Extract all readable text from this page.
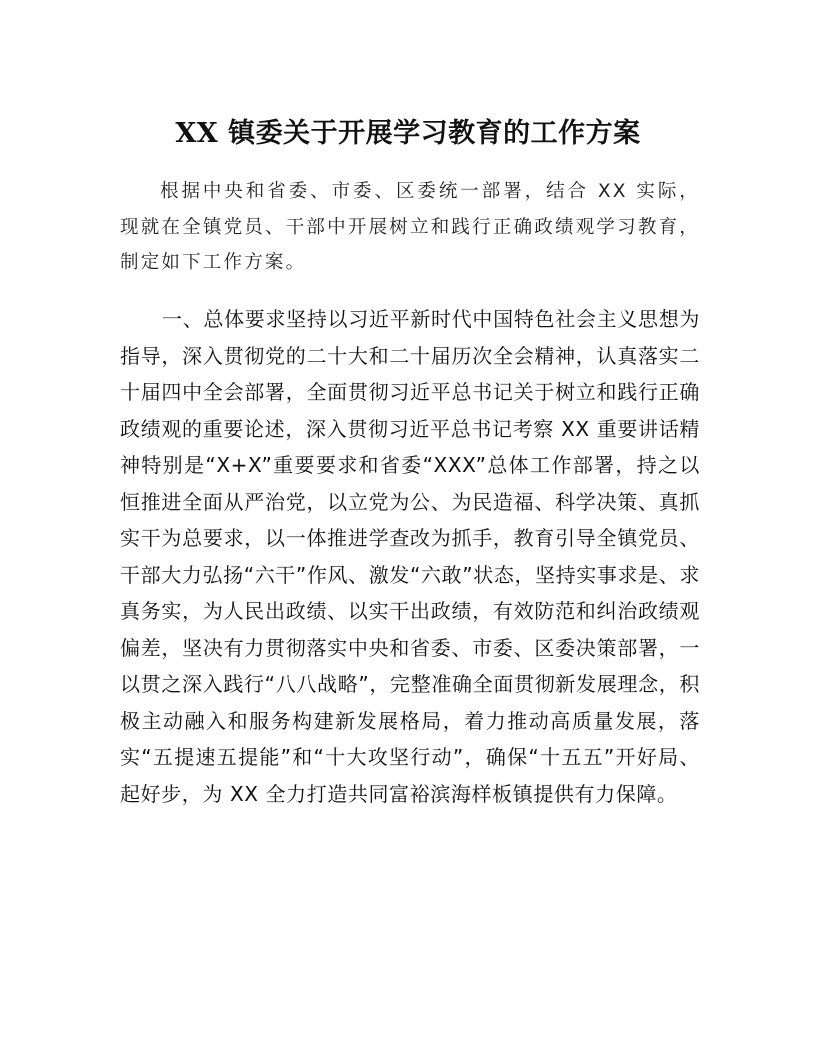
XX 镇委关于开展学习教育的工作方案

根据中央和省委、市委、区委统一部署，结合 XX 实际，现就在全镇党员、干部中开展树立和践行正确政绩观学习教育，制定如下工作方案。

一、总体要求坚持以习近平新时代中国特色社会主义思想为指导，深入贯彻党的二十大和二十届历次全会精神，认真落实二十届四中全会部署，全面贯彻习近平总书记关于树立和践行正确政绩观的重要论述，深入贯彻习近平总书记考察 XX 重要讲话精神特别是“X+X”重要要求和省委“XXX”总体工作部署，持之以恒推进全面从严治党，以立党为公、为民造福、科学决策、真抓实干为总要求，以一体推进学查改为抓手，教育引导全镇党员、干部大力弘扬“六干”作风、激发“六敢”状态，坚持实事求是、求真务实，为人民出政绩、以实干出政绩，有效防范和纠治政绩观偏差，坚决有力贯彻落实中央和省委、市委、区委决策部署，一以贯之深入践行“八八战略”，完整准确全面贯彻新发展理念，积极主动融入和服务构建新发展格局，着力推动高质量发展，落实“五提速五提能”和“十大攻坚行动”，确保“十五五”开好局、起好步，为 XX 全力打造共同富裕滨海样板镇提供有力保障。
